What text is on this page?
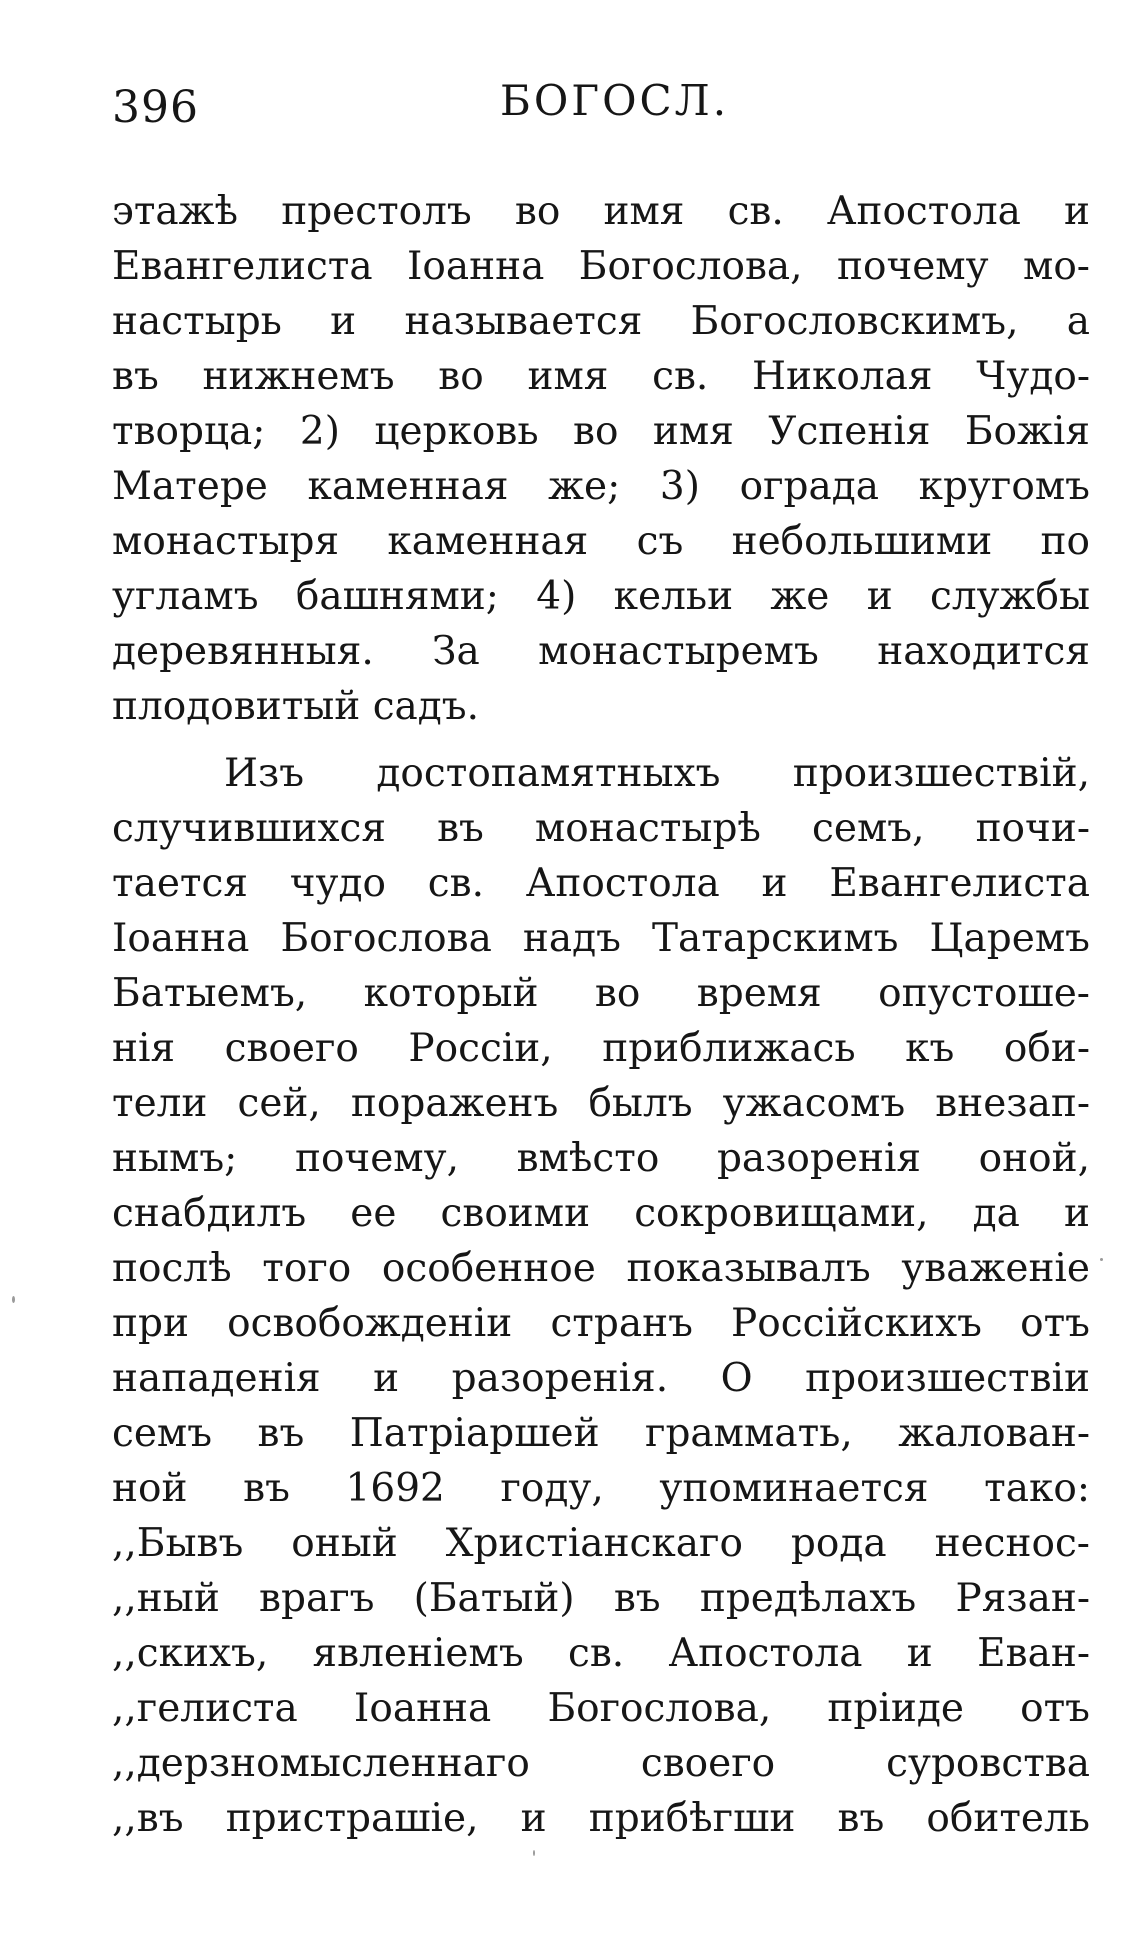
396	БОГОСЛ.
этажѣ престолъ во имя св. Апостола и
Евангелиста Іоанна Богослова, почему мо-
настырь и называется Богословскимъ, а
въ нижнемъ во имя св. Николая Чудо-
творца; 2) церковь во имя Успенія Божія
Матере каменная же; 3) ограда кругомъ
монастыря каменная съ небольшими по
угламъ башнями; 4) кельи же и службы
деревянныя. За монастыремъ находится
плодовитый садъ.
Изъ достопамятныхъ произшествій,
случившихся въ монастырѣ семъ, почи-
тается чудо св. Апостола и Евангелиста
Іоанна Богослова надъ Татарскимъ Царемъ
Батыемъ, который во время опустоше-
нія своего Россіи, приближась къ оби-
тели сей, пораженъ былъ ужасомъ внезап-
нымъ; почему, вмѣсто разоренія оной,
снабдилъ ее своими сокровищами, да и
послѣ того особенное показывалъ уваженіе
при освобожденіи странъ Россійскихъ отъ
нападенія и разоренія. О произшествіи
семъ въ Патріаршей граммать, жалован-
ной въ 1692 году, упоминается тако:
,,Бывъ оный Христіанскаго рода неснос-
,,ный врагъ (Батый) въ предѣлахъ Рязан-
,,скихъ, явленіемъ св. Апостола и Еван-
,,гелиста Іоанна Богослова, пріиде отъ
,,дерзномысленнаго своего суровства
,,въ пристрашіе, и прибѣгши въ обитель
